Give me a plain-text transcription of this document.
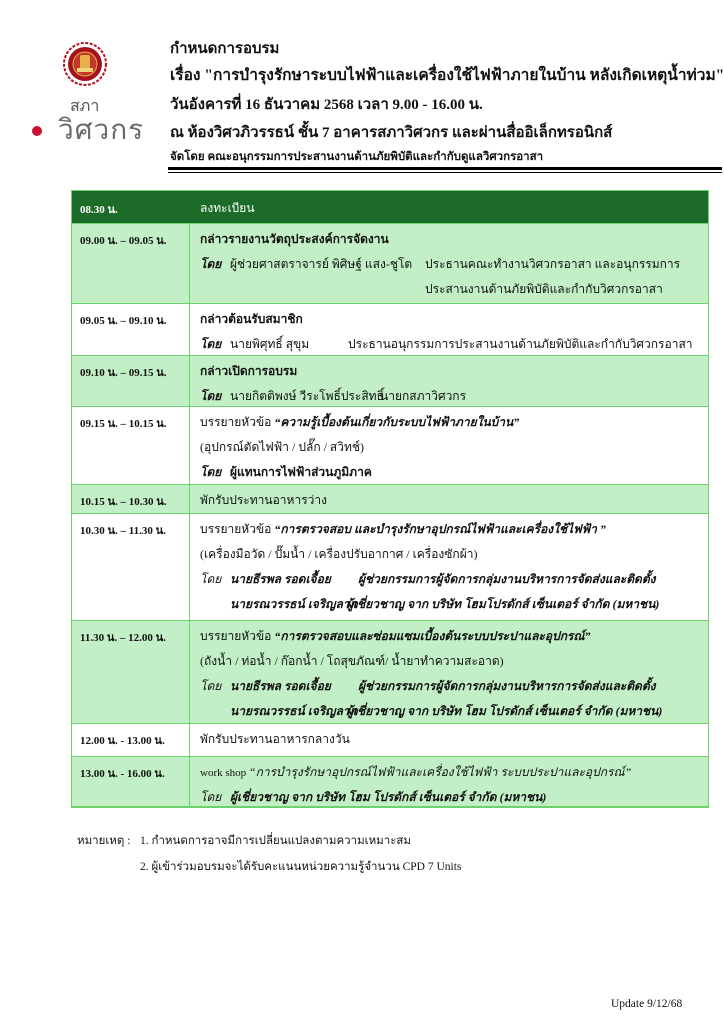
สภา
วิศวกร
กำหนดการอบรม
เรื่อง "การบำรุงรักษาระบบไฟฟ้าและเครื่องใช้ไฟฟ้าภายในบ้าน หลังเกิดเหตุน้ำท่วม"
วันอังคารที่ 16 ธันวาคม 2568 เวลา 9.00 - 16.00 น.
ณ ห้องวิศวภิวรรธน์ ชั้น 7 อาคารสภาวิศวกร และผ่านสื่ออิเล็กทรอนิกส์
จัดโดย คณะอนุกรรมการประสานงานด้านภัยพิบัติและกำกับดูแลวิศวกรอาสา
08.30 น.	ลงทะเบียน
09.00 น. – 09.05 น.	กล่าวรายงานวัตถุประสงค์การจัดงาน
โดย ผู้ช่วยศาสตราจารย์ พิศิษฐ์ แสง-ชูโต ประธานคณะทำงานวิศวกรอาสา และอนุกรรมการ
ประสานงานด้านภัยพิบัติและกำกับวิศวกรอาสา
09.05 น. – 09.10 น.	กล่าวต้อนรับสมาชิก
โดย นายพิศุทธิ์ สุขุม	ประธานอนุกรรมการประสานงานด้านภัยพิบัติและกำกับวิศวกรอาสา
09.10 น. – 09.15 น.	กล่าวเปิดการอบรม
โดย นายกิตติพงษ์ วีระโพธิ์ประสิทธิ์นายกสภาวิศวกร
09.15 น. – 10.15 น.	บรรยายหัวข้อ “ความรู้เบื้องต้นเกี่ยวกับระบบไฟฟ้าภายในบ้าน”
(อุปกรณ์ตัดไฟฟ้า / ปลั๊ก / สวิทช์)
โดย ผู้แทนการไฟฟ้าส่วนภูมิภาค
10.15 น. – 10.30 น.	พักรับประทานอาหารว่าง
10.30 น. – 11.30 น.	บรรยายหัวข้อ “การตรวจสอบ และบำรุงรักษาอุปกรณ์ไฟฟ้าและเครื่องใช้ไฟฟ้า ”
(เครื่องมือวัด / ปั๊มน้ำ / เครื่องปรับอากาศ / เครื่องซักผ้า)
โดย นายธีรพล รอดเจื้อย ผู้ช่วยกรรมการผู้จัดการกลุ่มงานบริหารการจัดส่งและติดตั้ง
นายรณวรรธน์ เจริญลาภผู้เชี่ยวชาญ จาก บริษัท โฮมโปรดักส์ เซ็นเตอร์ จำกัด (มหาชน)
11.30 น. – 12.00 น.	บรรยายหัวข้อ “การตรวจสอบและซ่อมแซมเบื้องต้นระบบประปาและอุปกรณ์”
(ถังน้ำ / ท่อน้ำ / ก๊อกน้ำ / โถสุขภัณฑ์/ น้ำยาทำความสะอาด)
โดย นายธีรพล รอดเจื้อย ผู้ช่วยกรรมการผู้จัดการกลุ่มงานบริหารการจัดส่งและติดตั้ง
นายรณวรรธน์ เจริญลาภผู้เชี่ยวชาญ จาก บริษัท โฮม โปรดักส์ เซ็นเตอร์ จำกัด (มหาชน)
12.00 น. - 13.00 น.	พักรับประทานอาหารกลางวัน
13.00 น. - 16.00 น.	work shop “การบำรุงรักษาอุปกรณ์ไฟฟ้าและเครื่องใช้ไฟฟ้า ระบบประปาและอุปกรณ์”
โดย ผู้เชี่ยวชาญ จาก บริษัท โฮม โปรดักส์ เซ็นเตอร์ จำกัด (มหาชน)
หมายเหตุ : 1. กำหนดการอาจมีการเปลี่ยนแปลงตามความเหมาะสม
2. ผู้เข้าร่วมอบรมจะได้รับคะแนนหน่วยความรู้จำนวน CPD 7 Units
Update 9/12/68
